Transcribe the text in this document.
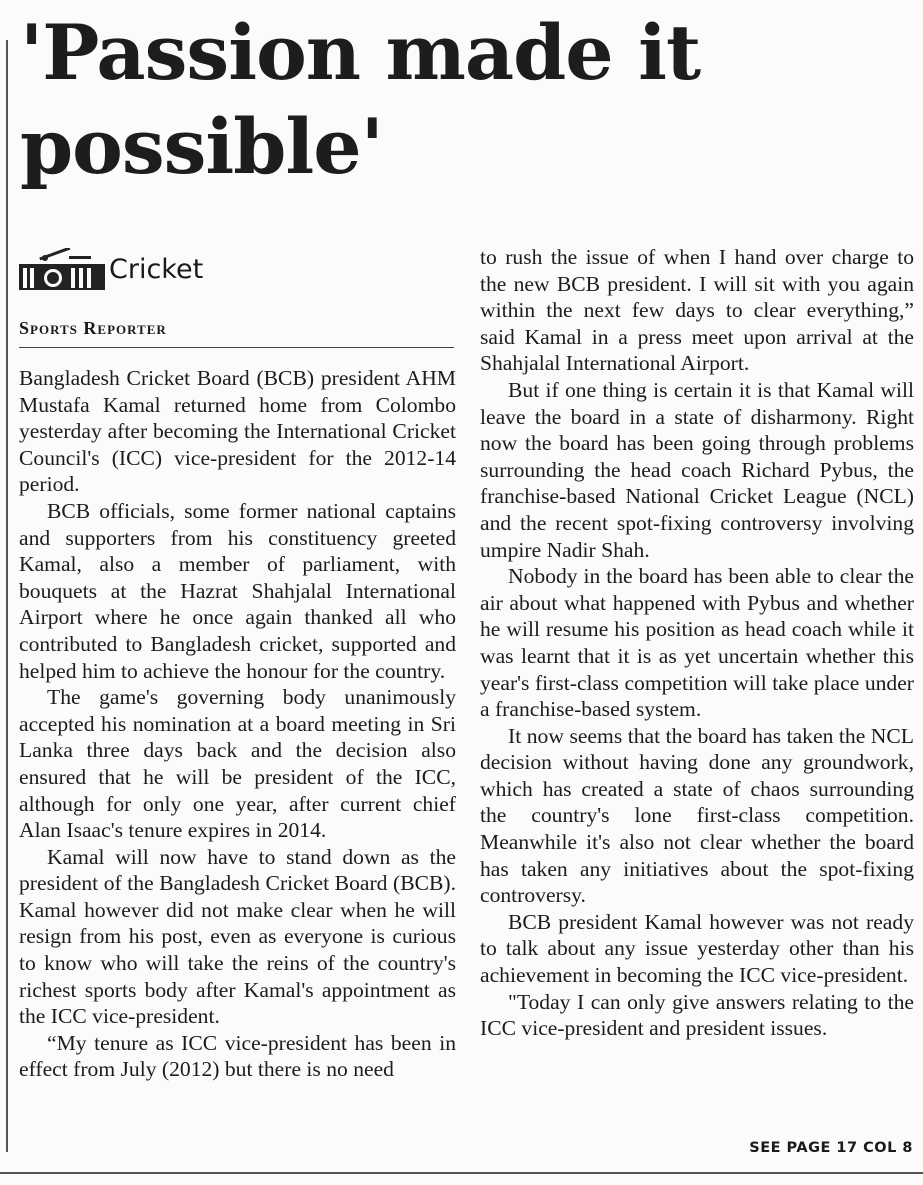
'Passion made it possible'
Cricket
Sports Reporter

Bangladesh Cricket Board (BCB) president AHM Mustafa Kamal returned home from Colombo yesterday after becoming the International Cricket Council's (ICC) vice-president for the 2012-14 period.

BCB officials, some former national captains and supporters from his constituency greeted Kamal, also a member of parliament, with bouquets at the Hazrat Shahjalal International Airport where he once again thanked all who contributed to Bangladesh cricket, supported and helped him to achieve the honour for the country.

The game's governing body unanimously accepted his nomination at a board meeting in Sri Lanka three days back and the decision also ensured that he will be president of the ICC, although for only one year, after current chief Alan Isaac's tenure expires in 2014.

Kamal will now have to stand down as the president of the Bangladesh Cricket Board (BCB). Kamal however did not make clear when he will resign from his post, even as everyone is curious to know who will take the reins of the country's richest sports body after Kamal's appointment as the ICC vice-president.

“My tenure as ICC vice-president has been in effect from July (2012) but there is no need

to rush the issue of when I hand over charge to the new BCB president. I will sit with you again within the next few days to clear everything,” said Kamal in a press meet upon arrival at the Shahjalal International Airport.

But if one thing is certain it is that Kamal will leave the board in a state of disharmony. Right now the board has been going through problems surrounding the head coach Richard Pybus, the franchise-based National Cricket League (NCL) and the recent spot-fixing controversy involving umpire Nadir Shah.

Nobody in the board has been able to clear the air about what happened with Pybus and whether he will resume his position as head coach while it was learnt that it is as yet uncertain whether this year's first-class competition will take place under a franchise-based system.

It now seems that the board has taken the NCL decision without having done any groundwork, which has created a state of chaos surrounding the country's lone first-class competition. Meanwhile it's also not clear whether the board has taken any initiatives about the spot-fixing controversy.

BCB president Kamal however was not ready to talk about any issue yesterday other than his achievement in becoming the ICC vice-president.

"Today I can only give answers relating to the ICC vice-president and president issues.

SEE PAGE 17 COL 8
